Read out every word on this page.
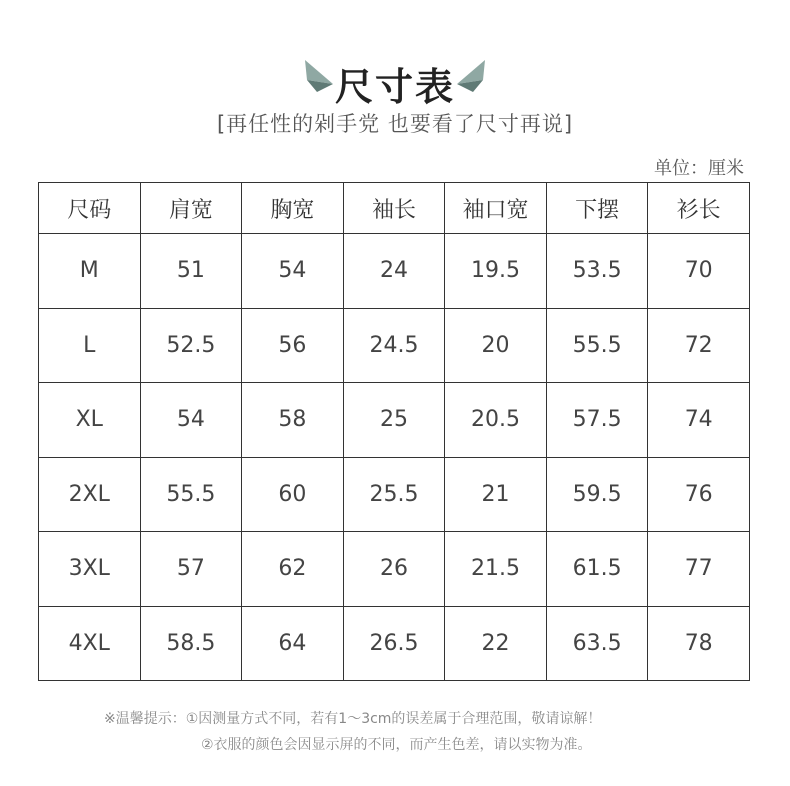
尺寸表
[再任性的剁手党 也要看了尺寸再说]
单位：厘米
尺码	肩宽	胸宽	袖长	袖口宽	下摆	衫长
M	51	54	24	19.5	53.5	70
L	52.5	56	24.5	20	55.5	72
XL	54	58	25	20.5	57.5	74
2XL	55.5	60	25.5	21	59.5	76
3XL	57	62	26	21.5	61.5	77
4XL	58.5	64	26.5	22	63.5	78
※温馨提示：①因测量方式不同，若有1～3cm的误差属于合理范围，敬请谅解！
②衣服的颜色会因显示屏的不同，而产生色差，请以实物为准。
